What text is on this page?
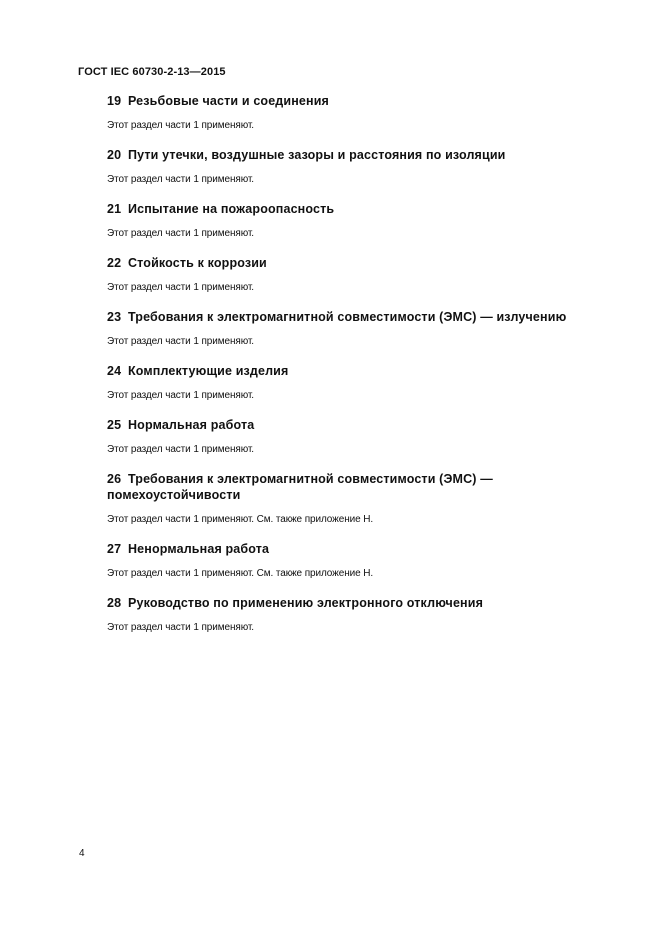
ГОСТ IEC 60730-2-13—2015
19 Резьбовые части и соединения
Этот раздел части 1 применяют.
20 Пути утечки, воздушные зазоры и расстояния по изоляции
Этот раздел части 1 применяют.
21 Испытание на пожароопасность
Этот раздел части 1 применяют.
22 Стойкость к коррозии
Этот раздел части 1 применяют.
23 Требования к электромагнитной совместимости (ЭМС) — излучению
Этот раздел части 1 применяют.
24 Комплектующие изделия
Этот раздел части 1 применяют.
25 Нормальная работа
Этот раздел части 1 применяют.
26 Требования к электромагнитной совместимости (ЭМС) — помехоустойчивости
Этот раздел части 1 применяют. См. также приложение Н.
27 Ненормальная работа
Этот раздел части 1 применяют. См. также приложение Н.
28 Руководство по применению электронного отключения
Этот раздел части 1 применяют.
4
